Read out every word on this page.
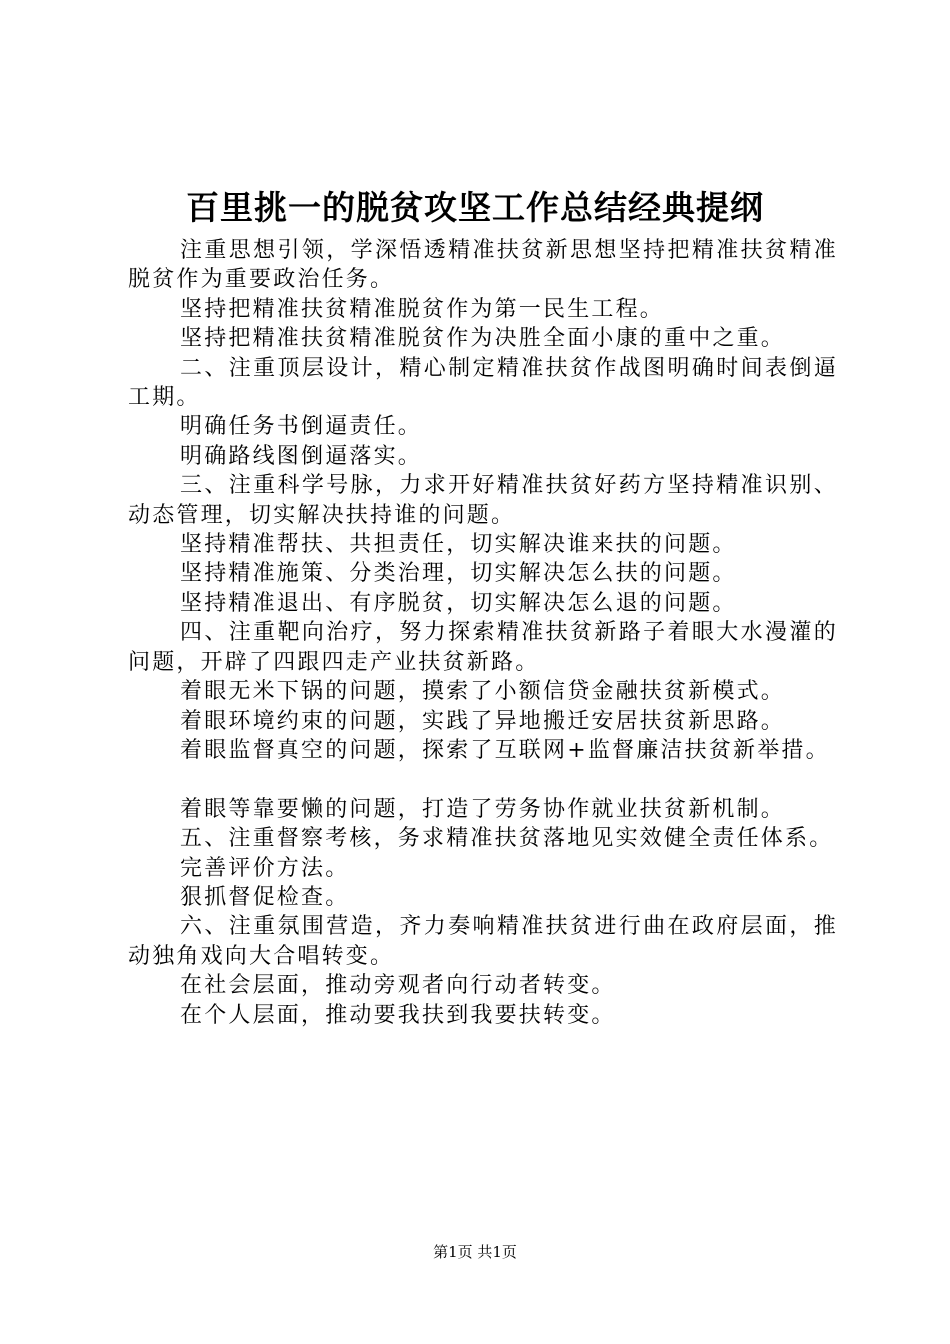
百里挑一的脱贫攻坚工作总结经典提纲

注重思想引领，学深悟透精准扶贫新思想坚持把精准扶贫精准脱贫作为重要政治任务。

坚持把精准扶贫精准脱贫作为第一民生工程。

坚持把精准扶贫精准脱贫作为决胜全面小康的重中之重。

二、注重顶层设计，精心制定精准扶贫作战图明确时间表倒逼工期。

明确任务书倒逼责任。

明确路线图倒逼落实。

三、注重科学号脉，力求开好精准扶贫好药方坚持精准识别、动态管理，切实解决扶持谁的问题。

坚持精准帮扶、共担责任，切实解决谁来扶的问题。

坚持精准施策、分类治理，切实解决怎么扶的问题。

坚持精准退出、有序脱贫，切实解决怎么退的问题。

四、注重靶向治疗，努力探索精准扶贫新路子着眼大水漫灌的问题，开辟了四跟四走产业扶贫新路。

着眼无米下锅的问题，摸索了小额信贷金融扶贫新模式。

着眼环境约束的问题，实践了异地搬迁安居扶贫新思路。

着眼监督真空的问题，探索了互联网+监督廉洁扶贫新举措。

着眼等靠要懒的问题，打造了劳务协作就业扶贫新机制。

五、注重督察考核，务求精准扶贫落地见实效健全责任体系。

完善评价方法。

狠抓督促检查。

六、注重氛围营造，齐力奏响精准扶贫进行曲在政府层面，推动独角戏向大合唱转变。

在社会层面，推动旁观者向行动者转变。

在个人层面，推动要我扶到我要扶转变。

第1页 共1页
